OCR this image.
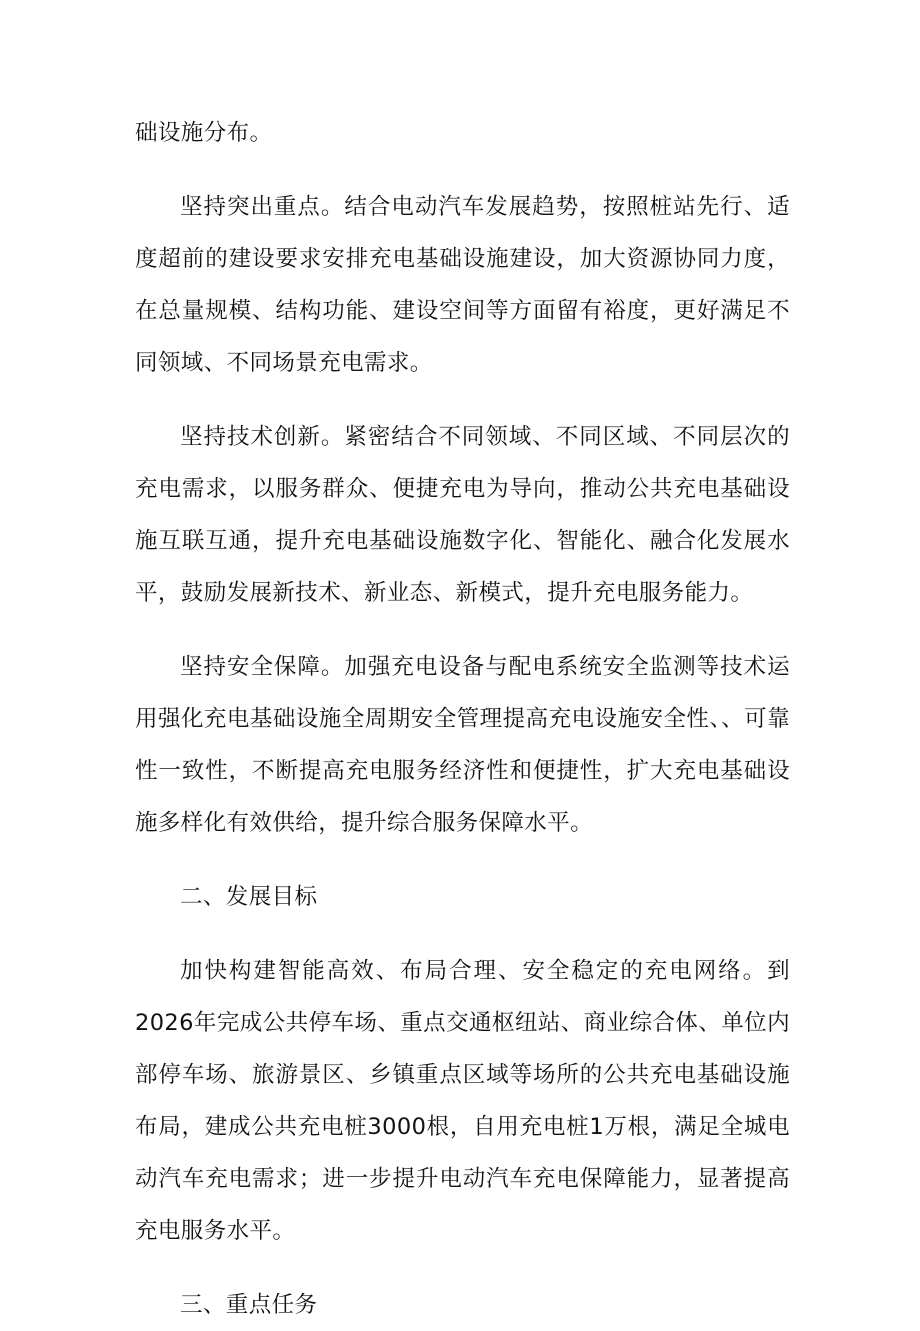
础设施分布。

坚持突出重点。结合电动汽车发展趋势，按照桩站先行、适度超前的建设要求安排充电基础设施建设，加大资源协同力度，在总量规模、结构功能、建设空间等方面留有裕度，更好满足不同领域、不同场景充电需求。

坚持技术创新。紧密结合不同领域、不同区域、不同层次的充电需求，以服务群众、便捷充电为导向，推动公共充电基础设施互联互通，提升充电基础设施数字化、智能化、融合化发展水平，鼓励发展新技术、新业态、新模式，提升充电服务能力。

坚持安全保障。加强充电设备与配电系统安全监测等技术运用强化充电基础设施全周期安全管理提高充电设施安全性、、可靠性一致性，不断提高充电服务经济性和便捷性，扩大充电基础设施多样化有效供给，提升综合服务保障水平。

二、发展目标

加快构建智能高效、布局合理、安全稳定的充电网络。到2026年完成公共停车场、重点交通枢纽站、商业综合体、单位内部停车场、旅游景区、乡镇重点区域等场所的公共充电基础设施布局，建成公共充电桩3000根，自用充电桩1万根，满足全城电动汽车充电需求；进一步提升电动汽车充电保障能力，显著提高充电服务水平。

三、重点任务
